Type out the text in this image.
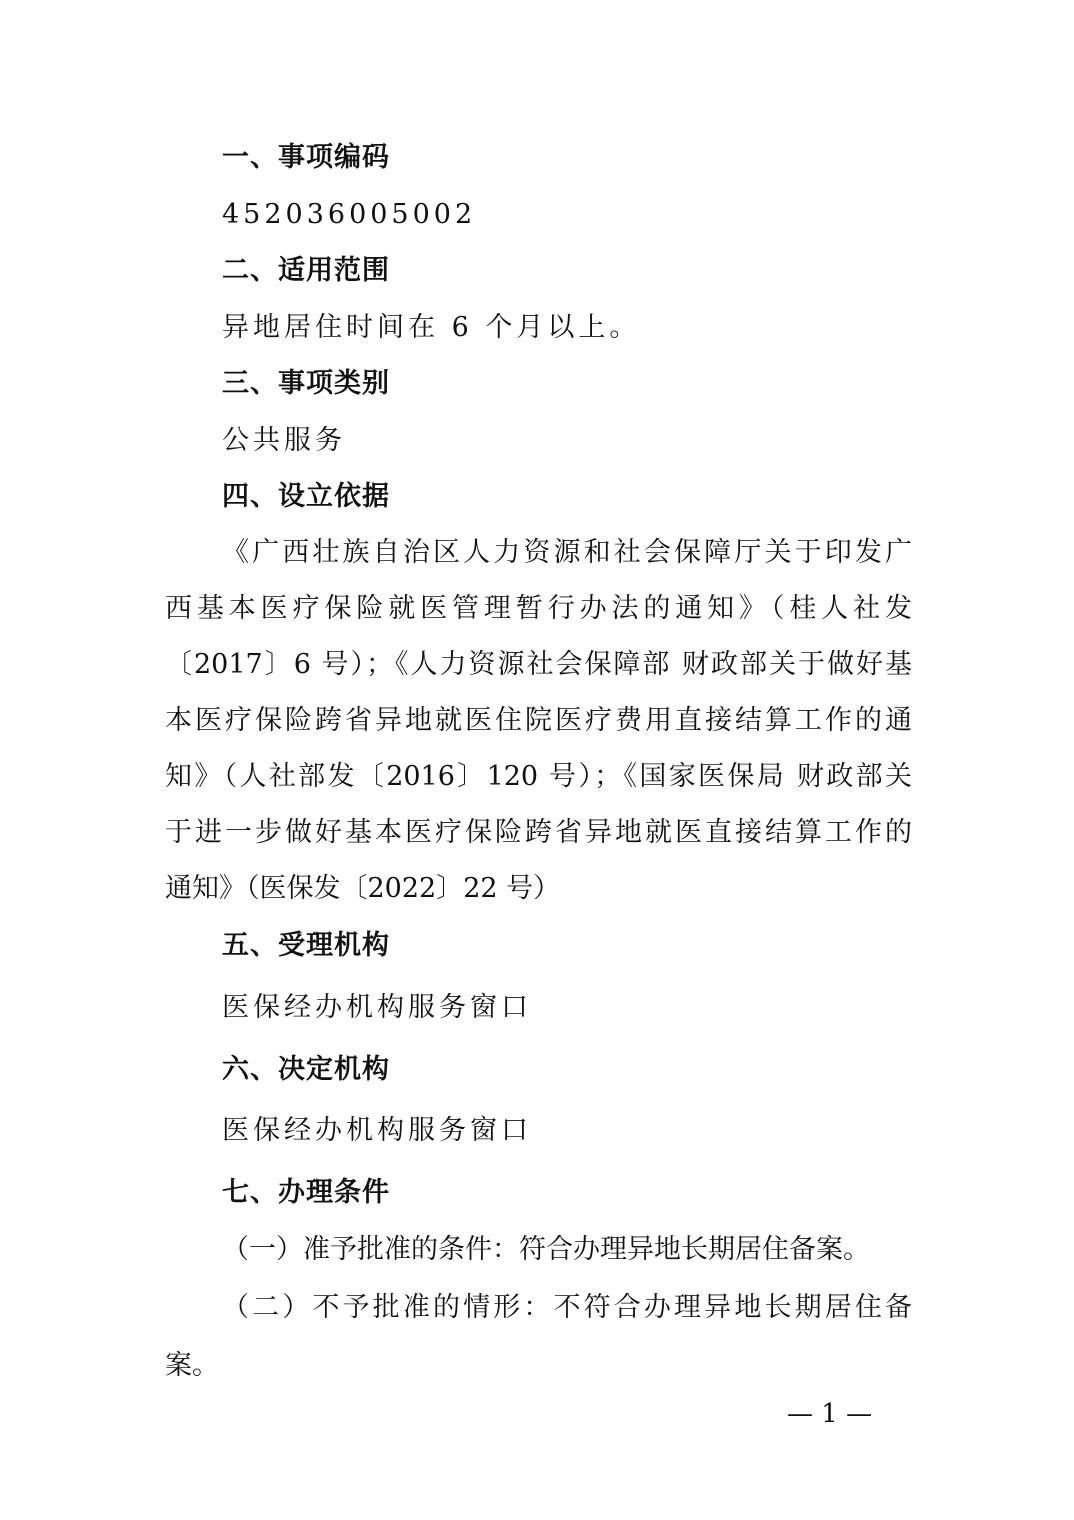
一、事项编码
452036005002
二、适用范围
异地居住时间在 6 个月以上。
三、事项类别
公共服务
四、设立依据
《广西壮族自治区人力资源和社会保障厅关于印发广
西基本医疗保险就医管理暂行办法的通知》（桂人社发
〔2017〕6 号）；《人力资源社会保障部 财政部关于做好基
本医疗保险跨省异地就医住院医疗费用直接结算工作的通
知》（人社部发〔2016〕120 号）；《国家医保局 财政部关
于进一步做好基本医疗保险跨省异地就医直接结算工作的
通知》（医保发〔2022〕22 号）
五、受理机构
医保经办机构服务窗口
六、决定机构
医保经办机构服务窗口
七、办理条件
（一）准予批准的条件：符合办理异地长期居住备案。
（二）不予批准的情形：不符合办理异地长期居住备
案。
— 1 —
